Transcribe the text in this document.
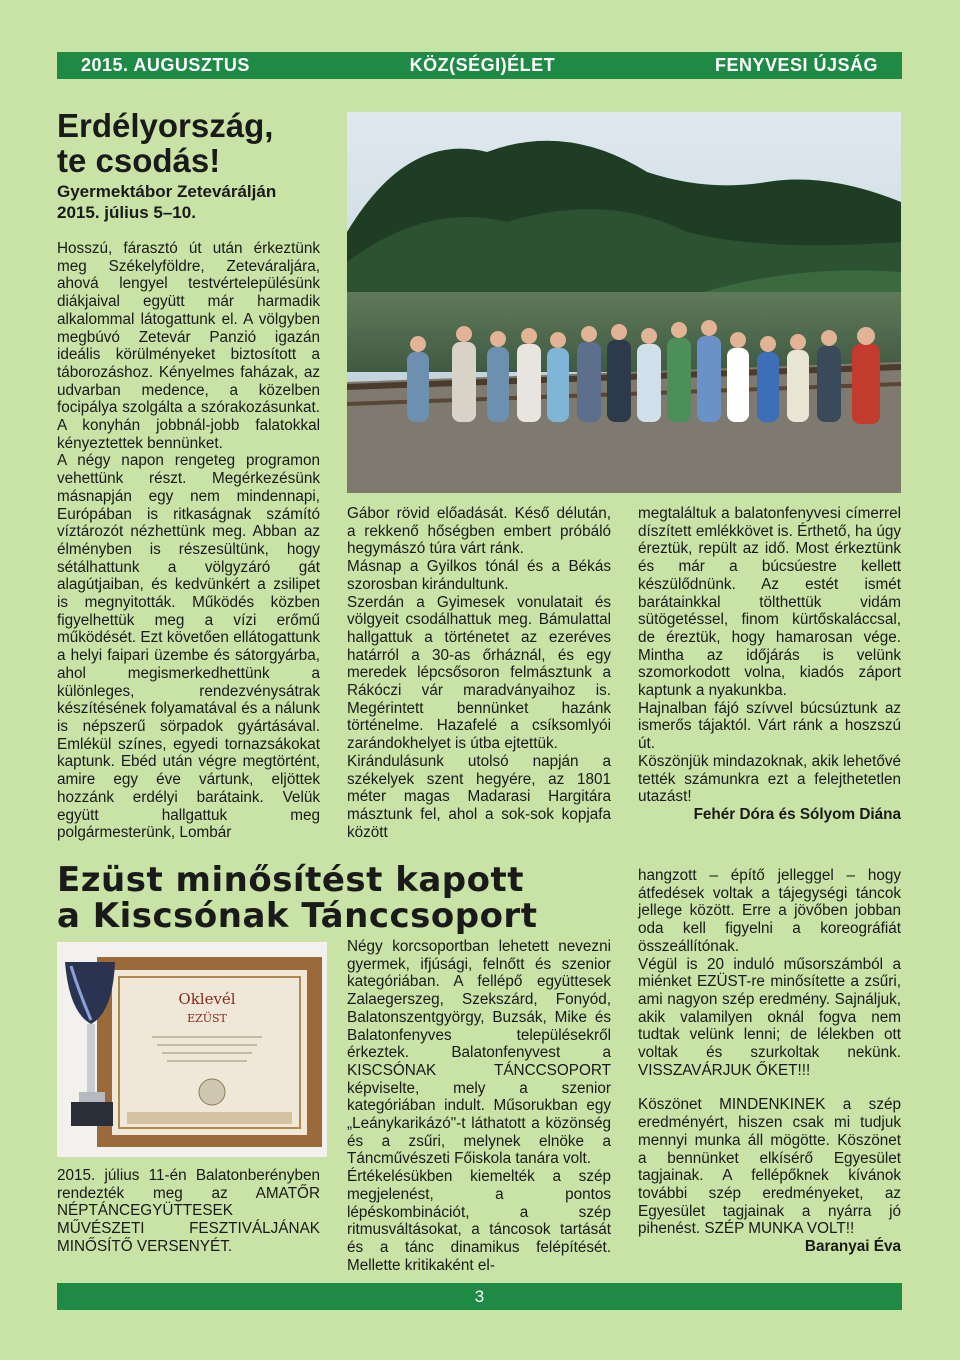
2015. AUGUSZTUS	KÖZ(SÉGI)ÉLET	FENYVESI ÚJSÁG
Erdélyország,
te csodás!
Gyermektábor Zetevárálján
2015. július 5–10.

Hosszú, fárasztó út után érkeztünk meg Székelyföldre, Zetevárаljára, ahová lengyel testvértelepülésünk diákjaival együtt már harmadik alkalommal látogattunk el. A völgyben megbúvó Zetevár Panzió igazán ideális körülményeket biztosított a táborozáshoz. Kényelmes faházak, az udvarban medence, a közelben focipálya szolgálta a szórakozásunkat. A konyhán jobbnál-jobb falatokkal kényeztettek bennünket.

A négy napon rengeteg programon vehettünk részt. Megérkezésünk másnapján egy nem mindennapi, Európában is ritkaságnak számító víztározót nézhettünk meg. Abban az élményben is részesültünk, hogy sétálhattunk a völgyzáró gát alagútjaiban, és kedvünkért a zsilipet is megnyitották. Működés közben figyelhettük meg a vízi erőmű működését. Ezt követően ellátogattunk a helyi faipari üzembe és sátorgyárba, ahol megismerkedhettünk a különleges, rendezvénysátrak készítésének folyamatával és a nálunk is népszerű sörpadok gyártásával. Emlékül színes, egyedi tornazsákokat kaptunk. Ebéd után végre megtörtént, amire egy éve vártunk, eljöttek hozzánk erdélyi barátaink. Velük együtt hallgattuk meg polgármesterünk, Lombár

Gábor rövid előadását. Késő délután, a rekkenő hőségben embert próbáló hegymászó túra várt ránk.

Másnap a Gyilkos tónál és a Békás szorosban kirándultunk.

Szerdán a Gyimesek vonulatait és völgyeit csodálhattuk meg. Bámulattal hallgattuk a történetet az ezeréves határról a 30-as őrháznál, és egy meredek lépcsősoron felmásztunk a Rákóczi vár maradványaihoz is. Megérintett bennünket hazánk történelme. Hazafelé a csíksomlyói zarándokhelyet is útba ejtettük.

Kirándulásunk utolsó napján a székelyek szent hegyére, az 1801 méter magas Madarasi Hargitára másztunk fel, ahol a sok-sok kopjafa között

megtaláltuk a balatonfenyvesi címerrel díszített emlékkövet is. Érthető, ha úgy éreztük, repült az idő. Most érkeztünk és már a búcsúestre kellett készülődnünk. Az estét ismét barátainkkal tölthettük vidám sütögetéssel, finom kürtőskaláccsal, de éreztük, hogy hamarosan vége. Mintha az időjárás is velünk szomorkodott volna, kiadós záport kaptunk a nyakunkba.

Hajnalban fájó szívvel búcsúztunk az ismerős tájaktól. Várt ránk a hoszszú út.

Köszönjük mindazoknak, akik lehetővé tették számunkra ezt a felejthetetlen utazást!

Fehér Dóra és Sólyom Diána

Ezüst minősítést kapott
a Kiscsónak Tánccsoport
Oklevél
EZÜST

2015. július 11-én Balatonberényben rendezték meg az AMATŐR NÉPTÁNCEGYÜTTESEK MŰVÉSZETI FESZTIVÁLJÁNAK MINŐSÍTŐ VERSENYÉT.

Négy korcsoportban lehetett nevezni gyermek, ifjúsági, felnőtt és szenior kategóriában. A fellépő együttesek Zalaegerszeg, Szekszárd, Fonyód, Balatonszentgyörgy, Buzsák, Mike és Balatonfenyves településekről érkeztek. Balatonfenyvest a KISCSÓNAK TÁNCCSOPORT képviselte, mely a szenior kategóriában indult. Műsorukban egy „Leánykarikázó"-t láthatott a közönség és a zsűri, melynek elnöke a Táncművészeti Főiskola tanára volt.

Értékelésükben kiemelték a szép megjelenést, a pontos lépéskombinációt, a szép ritmusváltásokat, a táncosok tartását és a tánc dinamikus felépítését. Mellette kritikaként el-

hangzott – építő jelleggel – hogy átfedések voltak a tájegységi táncok jellege között. Erre a jövőben jobban oda kell figyelni a koreográfiát összeállítónak.

Végül is 20 induló műsorszámból a miénket EZÜST-re minősítette a zsűri, ami nagyon szép eredmény. Sajnáljuk, akik valamilyen oknál fogva nem tudtak velünk lenni; de lélekben ott voltak és szurkoltak nekünk. VISSZAVÁRJUK ŐKET!!!

Köszönet MINDENKINEK a szép eredményért, hiszen csak mi tudjuk mennyi munka áll mögötte. Köszönet a bennünket elkísérő Egyesület tagjainak. A fellépőknek kívánok további szép eredményeket, az Egyesület tagjainak a nyárra jó pihenést. SZÉP MUNKA VOLT!!

Baranyai Éva

3
